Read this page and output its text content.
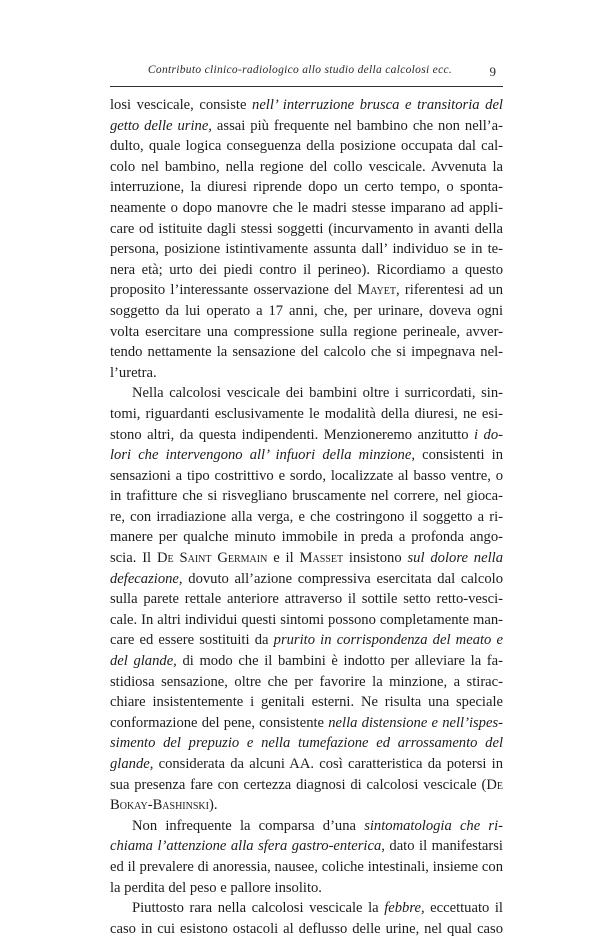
Contributo clinico-radiologico allo studio della calcolosi ecc.	9

losi vescicale, consiste nell’ interruzione brusca e transitoria del
getto delle urine, assai più frequente nel bambino che non nell’a-
dulto, quale logica conseguenza della posizione occupata dal cal-
colo nel bambino, nella regione del collo vescicale. Avvenuta la
interruzione, la diuresi riprende dopo un certo tempo, o sponta-
neamente o dopo manovre che le madri stesse imparano ad appli-
care od istituite dagli stessi soggetti (incurvamento in avanti della
persona, posizione istintivamente assunta dall’ individuo se in te-
nera età; urto dei piedi contro il perineo). Ricordiamo a questo
proposito l’interessante osservazione del Mayet, riferentesi ad un
soggetto da lui operato a 17 anni, che, per urinare, doveva ogni
volta esercitare una compressione sulla regione perineale, avver-
tendo nettamente la sensazione del calcolo che si impegnava nel-
l’uretra.

Nella calcolosi vescicale dei bambini oltre i surricordati, sin-
tomi, riguardanti esclusivamente le modalità della diuresi, ne esi-
stono altri, da questa indipendenti. Menzioneremo anzitutto i do-
lori che intervengono all’ infuori della minzione, consistenti in
sensazioni a tipo costrittivo e sordo, localizzate al basso ventre, o
in trafitture che si risvegliano bruscamente nel correre, nel gioca-
re, con irradiazione alla verga, e che costringono il soggetto a ri-
manere per qualche minuto immobile in preda a profonda ango-
scia. Il De Saint Germain e il Masset insistono sul dolore nella
defecazione, dovuto all’azione compressiva esercitata dal calcolo
sulla parete rettale anteriore attraverso il sottile setto retto-vesci-
cale. In altri individui questi sintomi possono completamente man-
care ed essere sostituiti da prurito in corrispondenza del meato e
del glande, di modo che il bambini è indotto per alleviare la fa-
stidiosa sensazione, oltre che per favorire la minzione, a stirac-
chiare insistentemente i genitali esterni. Ne risulta una speciale
conformazione del pene, consistente nella distensione e nell’ispes-
simento del prepuzio e nella tumefazione ed arrossamento del
glande, considerata da alcuni AA. così caratteristica da potersi in
sua presenza fare con certezza diagnosi di calcolosi vescicale (De
Bokay-Bashinski).

Non infrequente la comparsa d’una sintomatologia che ri-
chiama l’attenzione alla sfera gastro-enterica, dato il manifestarsi
ed il prevalere di anoressia, nausee, coliche intestinali, insieme con
la perdita del peso e pallore insolito.

Piuttosto rara nella calcolosi vescicale la febbre, eccettuato il
caso in cui esistono ostacoli al deflusso delle urine, nel qual caso
